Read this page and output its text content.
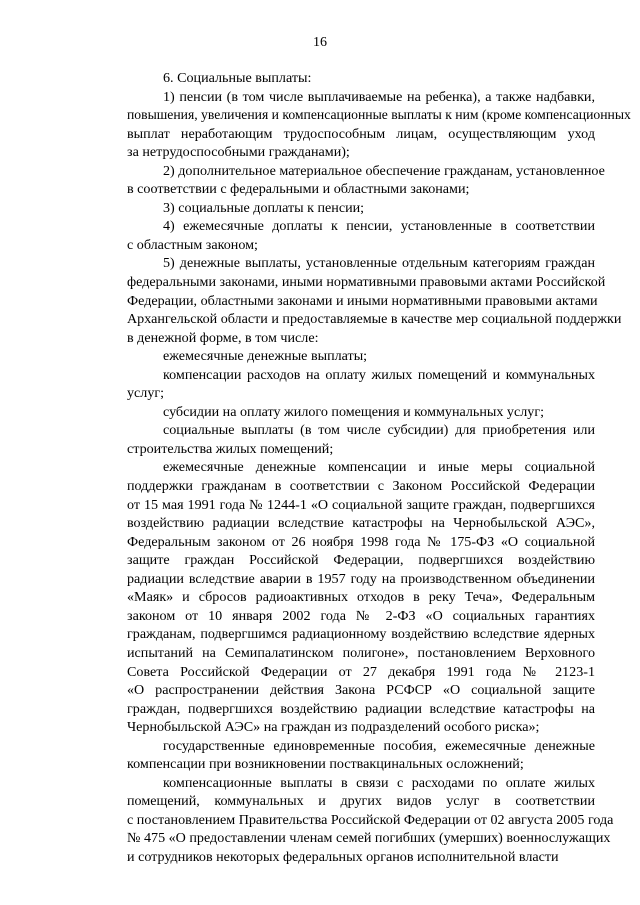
16
6. Социальные выплаты:
1) пенсии (в том числе выплачиваемые на ребенка), а также надбавки,
повышения, увеличения и компенсационные выплаты к ним (кроме компенсационных
выплат неработающим трудоспособным лицам, осуществляющим уход
за нетрудоспособными гражданами);
2) дополнительное материальное обеспечение гражданам, установленное
в соответствии с федеральными и областными законами;
3) социальные доплаты к пенсии;
4) ежемесячные доплаты к пенсии, установленные в соответствии
с областным законом;
5) денежные выплаты, установленные отдельным категориям граждан
федеральными законами, иными нормативными правовыми актами Российской
Федерации, областными законами и иными нормативными правовыми актами
Архангельской области и предоставляемые в качестве мер социальной поддержки
в денежной форме, в том числе:
ежемесячные денежные выплаты;
компенсации расходов на оплату жилых помещений и коммунальных
услуг;
субсидии на оплату жилого помещения и коммунальных услуг;
социальные выплаты (в том числе субсидии) для приобретения или
строительства жилых помещений;
ежемесячные денежные компенсации и иные меры социальной
поддержки гражданам в соответствии с Законом Российской Федерации
от 15 мая 1991 года № 1244-1 «О социальной защите граждан, подвергшихся
воздействию радиации вследствие катастрофы на Чернобыльской АЭС»,
Федеральным законом от 26 ноября 1998 года № 175-ФЗ «О социальной
защите граждан Российской Федерации, подвергшихся воздействию
радиации вследствие аварии в 1957 году на производственном объединении
«Маяк» и сбросов радиоактивных отходов в реку Теча», Федеральным
законом от 10 января 2002 года № 2-ФЗ «О социальных гарантиях
гражданам, подвергшимся радиационному воздействию вследствие ядерных
испытаний на Семипалатинском полигоне», постановлением Верховного
Совета Российской Федерации от 27 декабря 1991 года № 2123-1
«О распространении действия Закона РСФСР «О социальной защите
граждан, подвергшихся воздействию радиации вследствие катастрофы на
Чернобыльской АЭС» на граждан из подразделений особого риска»;
государственные единовременные пособия, ежемесячные денежные
компенсации при возникновении поствакцинальных осложнений;
компенсационные выплаты в связи с расходами по оплате жилых
помещений, коммунальных и других видов услуг в соответствии
с постановлением Правительства Российской Федерации от 02 августа 2005 года
№ 475 «О предоставлении членам семей погибших (умерших) военнослужащих
и сотрудников некоторых федеральных органов исполнительной власти
